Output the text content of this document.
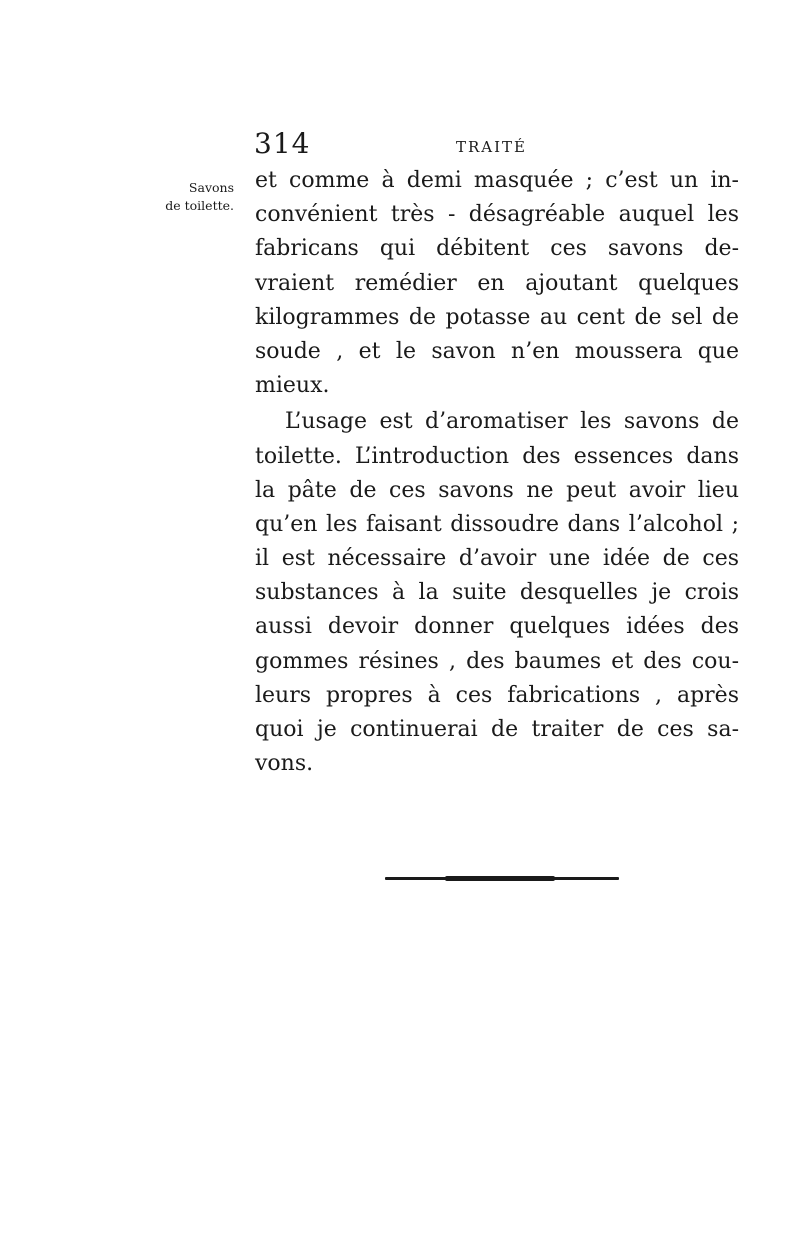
314	TRAITÉ
Savons
de toilette.
et comme à demi masquée ; c’est un in-
convénient très - désagréable auquel les
fabricans qui débitent ces savons de-
vraient remédier en ajoutant quelques
kilogrammes de potasse au cent de sel de
soude , et le savon n’en moussera que
mieux.
L’usage est d’aromatiser les savons de
toilette. L’introduction des essences dans
la pâte de ces savons ne peut avoir lieu
qu’en les faisant dissoudre dans l’alcohol ;
il est nécessaire d’avoir une idée de ces
substances à la suite desquelles je crois
aussi devoir donner quelques idées des
gommes résines , des baumes et des cou-
leurs propres à ces fabrications , après
quoi je continuerai de traiter de ces sa-
vons.
